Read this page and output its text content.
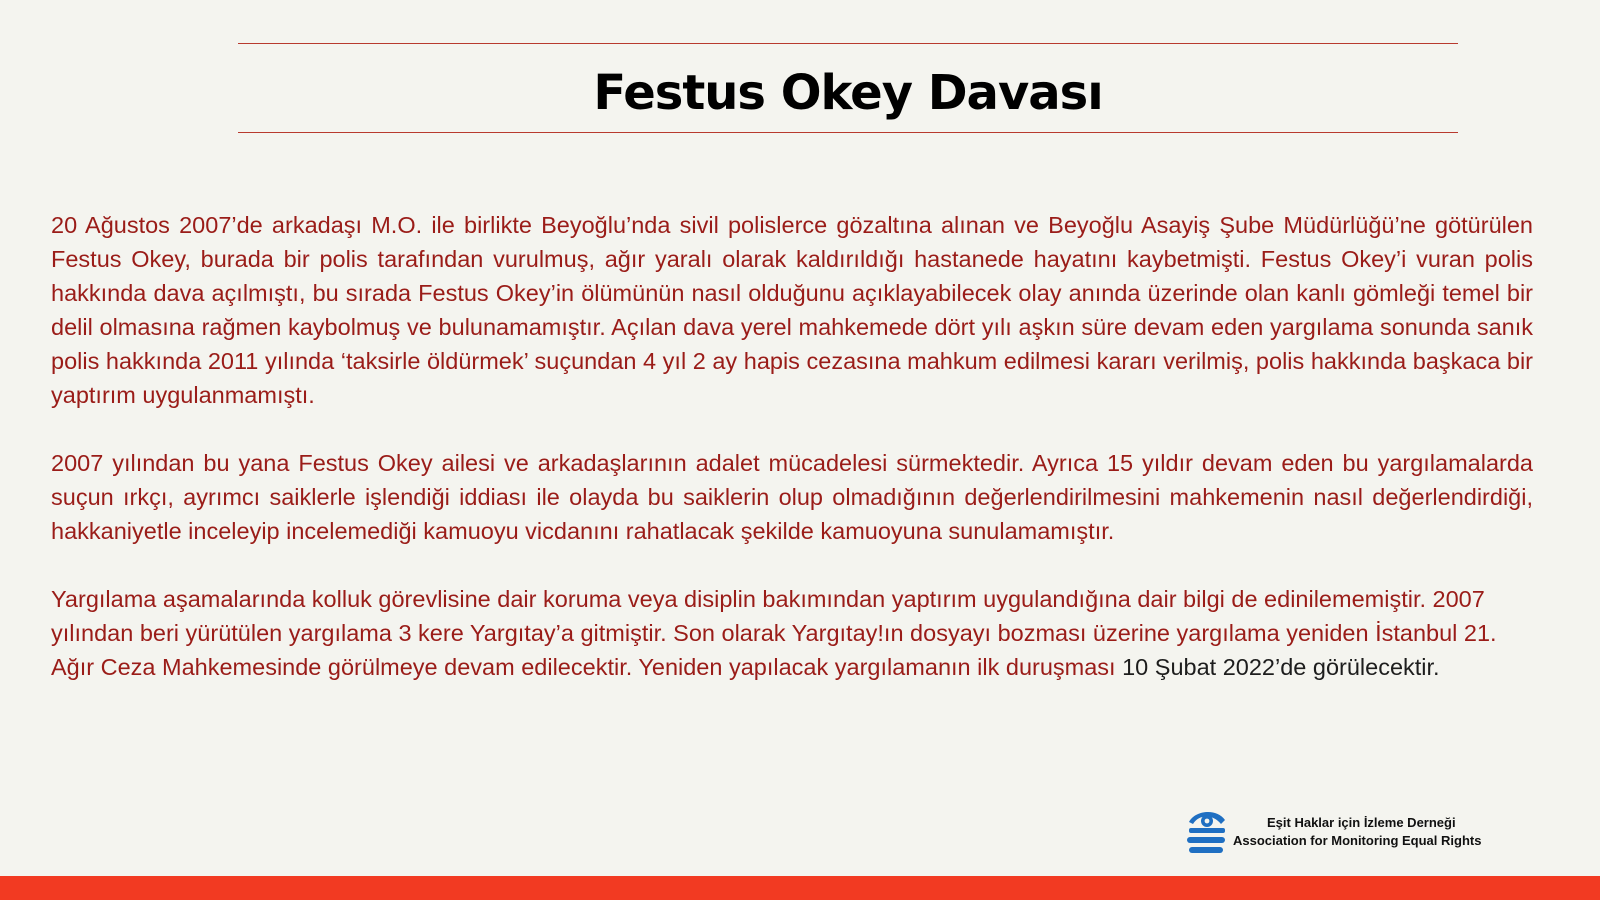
Festus Okey Davası

20 Ağustos 2007’de arkadaşı M.O. ile birlikte Beyoğlu’nda sivil polislerce gözaltına alınan ve Beyoğlu Asayiş Şube Müdürlüğü’ne götürülen Festus Okey, burada bir polis tarafından vurulmuş, ağır yaralı olarak kaldırıldığı hastanede hayatını kaybetmişti. Festus Okey’i vuran polis hakkında dava açılmıştı, bu sırada Festus Okey’in ölümünün nasıl olduğunu açıklayabilecek olay anında üzerinde olan kanlı gömleği temel bir delil olmasına rağmen kaybolmuş ve bulunamamıştır. Açılan dava yerel mahkemede dört yılı aşkın süre devam eden yargılama sonunda sanık polis hakkında 2011 yılında ‘taksirle öldürmek’ suçundan 4 yıl 2 ay hapis cezasına mahkum edilmesi kararı verilmiş, polis hakkında başkaca bir yaptırım uygulanmamıştı.

2007 yılından bu yana Festus Okey ailesi ve arkadaşlarının adalet mücadelesi sürmektedir. Ayrıca 15 yıldır devam eden bu yargılamalarda suçun ırkçı, ayrımcı saiklerle işlendiği iddiası ile olayda bu saiklerin olup olmadığının değerlendirilmesini mahkemenin nasıl değerlendirdiği, hakkaniyetle inceleyip incelemediği kamuoyu vicdanını rahatlacak şekilde kamuoyuna sunulamamıştır.

Yargılama aşamalarında kolluk görevlisine dair koruma veya disiplin bakımından yaptırım uygulandığına dair bilgi de edinilememiştir. 2007 yılından beri yürütülen yargılama 3 kere Yargıtay’a gitmiştir. Son olarak Yargıtay!ın dosyayı bozması üzerine yargılama yeniden İstanbul 21. Ağır Ceza Mahkemesinde görülmeye devam edilecektir. Yeniden yapılacak yargılamanın ilk duruşması 10 Şubat 2022’de görülecektir.

Eşit Haklar için İzleme Derneği
Association for Monitoring Equal Rights
